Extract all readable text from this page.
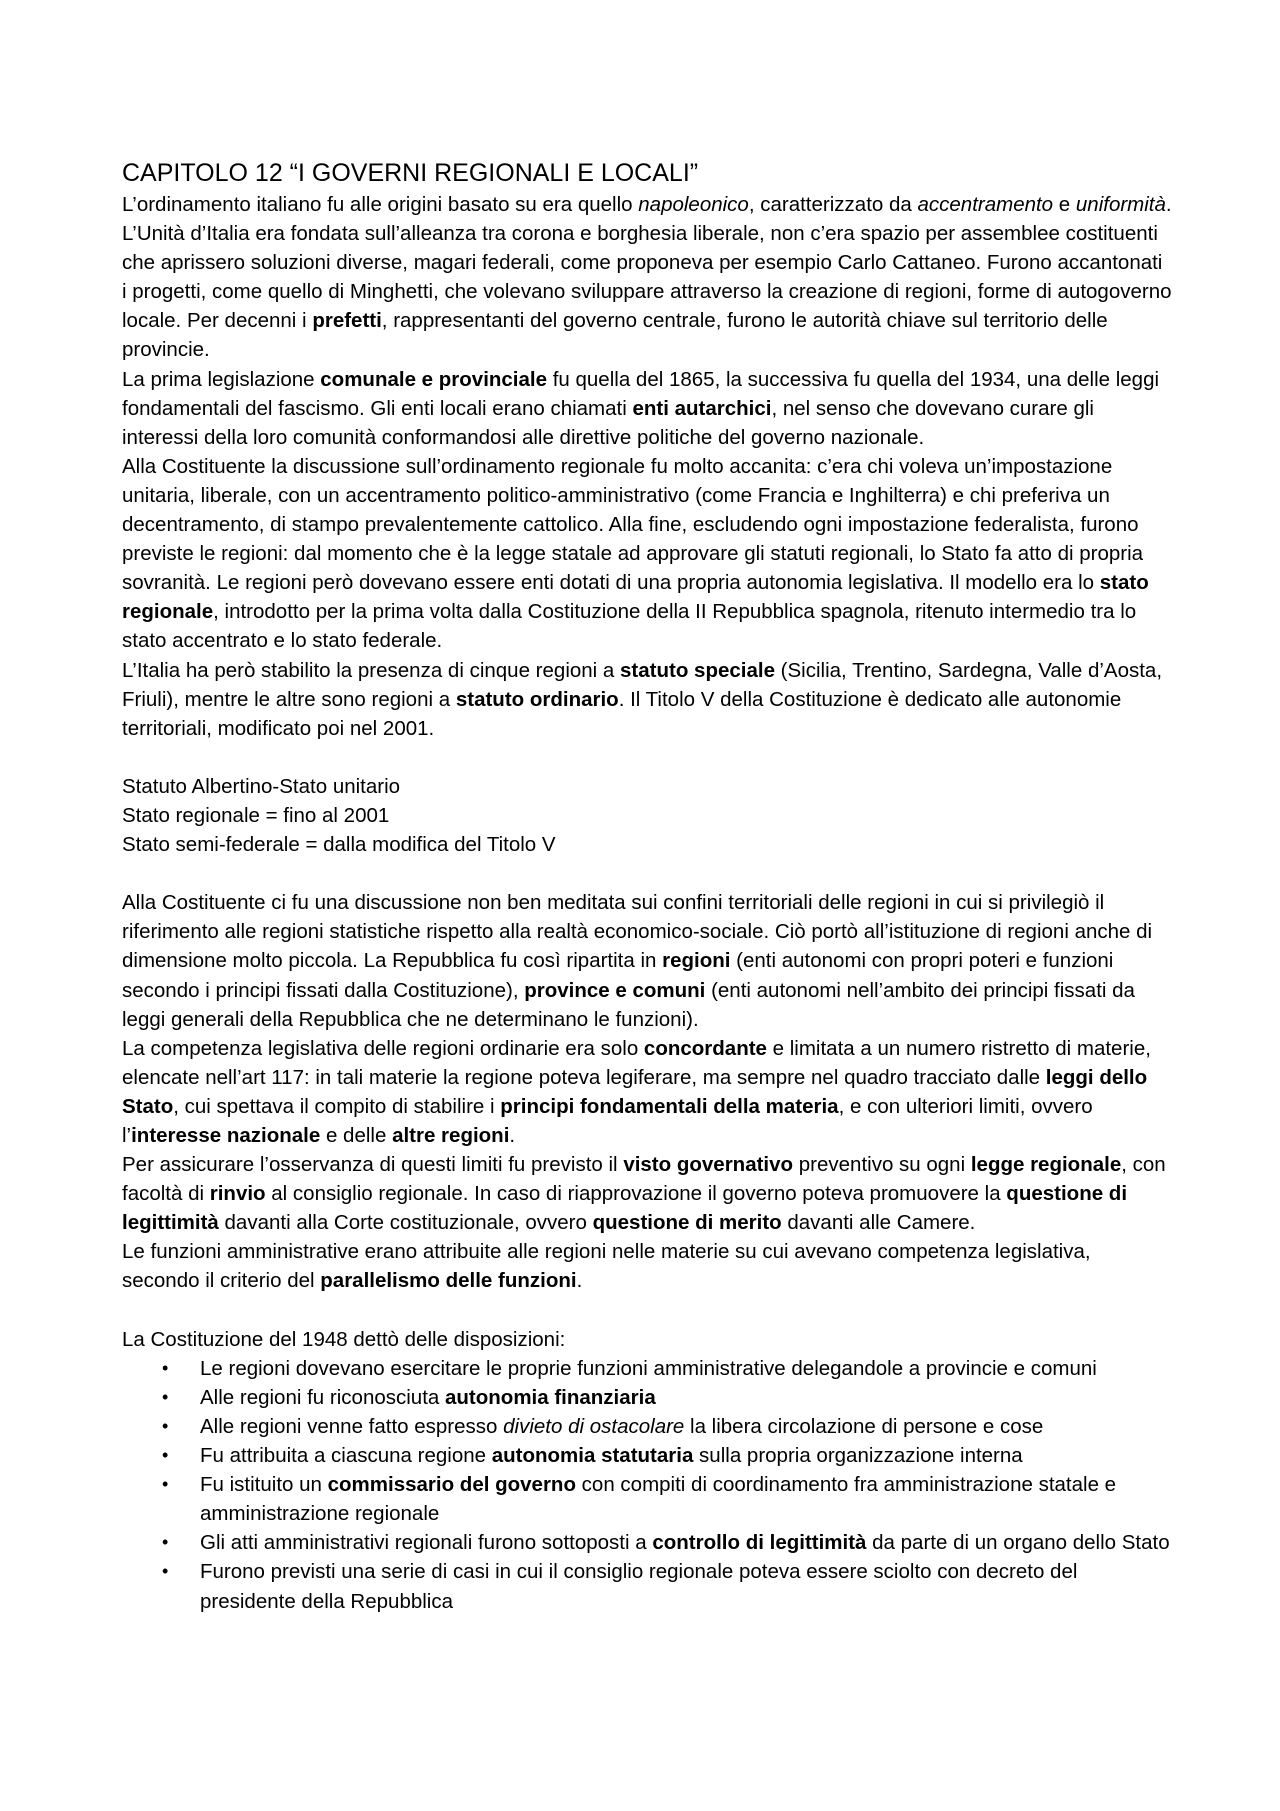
CAPITOLO 12 “I GOVERNI REGIONALI E LOCALI”

L’ordinamento italiano fu alle origini basato su era quello napoleonico, caratterizzato da accentramento e uniformità. L’Unità d’Italia era fondata sull’alleanza tra corona e borghesia liberale, non c’era spazio per assemblee costituenti che aprissero soluzioni diverse, magari federali, come proponeva per esempio Carlo Cattaneo. Furono accantonati i progetti, come quello di Minghetti, che volevano sviluppare attraverso la creazione di regioni, forme di autogoverno locale. Per decenni i prefetti, rappresentanti del governo centrale, furono le autorità chiave sul territorio delle provincie.

La prima legislazione comunale e provinciale fu quella del 1865, la successiva fu quella del 1934, una delle leggi fondamentali del fascismo. Gli enti locali erano chiamati enti autarchici, nel senso che dovevano curare gli interessi della loro comunità conformandosi alle direttive politiche del governo nazionale.

Alla Costituente la discussione sull’ordinamento regionale fu molto accanita: c’era chi voleva un’impostazione unitaria, liberale, con un accentramento politico-amministrativo (come Francia e Inghilterra) e chi preferiva un decentramento, di stampo prevalentemente cattolico. Alla fine, escludendo ogni impostazione federalista, furono previste le regioni: dal momento che è la legge statale ad approvare gli statuti regionali, lo Stato fa atto di propria sovranità. Le regioni però dovevano essere enti dotati di una propria autonomia legislativa. Il modello era lo stato regionale, introdotto per la prima volta dalla Costituzione della II Repubblica spagnola, ritenuto intermedio tra lo stato accentrato e lo stato federale.

L’Italia ha però stabilito la presenza di cinque regioni a statuto speciale (Sicilia, Trentino, Sardegna, Valle d’Aosta, Friuli), mentre le altre sono regioni a statuto ordinario. Il Titolo V della Costituzione è dedicato alle autonomie territoriali, modificato poi nel 2001.

Statuto Albertino-Stato unitario

Stato regionale = fino al 2001

Stato semi-federale = dalla modifica del Titolo V

Alla Costituente ci fu una discussione non ben meditata sui confini territoriali delle regioni in cui si privilegiò il riferimento alle regioni statistiche rispetto alla realtà economico-sociale. Ciò portò all’istituzione di regioni anche di dimensione molto piccola. La Repubblica fu così ripartita in regioni (enti autonomi con propri poteri e funzioni secondo i principi fissati dalla Costituzione), province e comuni (enti autonomi nell’ambito dei principi fissati da leggi generali della Repubblica che ne determinano le funzioni).

La competenza legislativa delle regioni ordinarie era solo concordante e limitata a un numero ristretto di materie, elencate nell’art 117: in tali materie la regione poteva legiferare, ma sempre nel quadro tracciato dalle leggi dello Stato, cui spettava il compito di stabilire i principi fondamentali della materia, e con ulteriori limiti, ovvero l’interesse nazionale e delle altre regioni.

Per assicurare l’osservanza di questi limiti fu previsto il visto governativo preventivo su ogni legge regionale, con facoltà di rinvio al consiglio regionale. In caso di riapprovazione il governo poteva promuovere la questione di legittimità davanti alla Corte costituzionale, ovvero questione di merito davanti alle Camere.

Le funzioni amministrative erano attribuite alle regioni nelle materie su cui avevano competenza legislativa, secondo il criterio del parallelismo delle funzioni.

La Costituzione del 1948 dettò delle disposizioni:

• Le regioni dovevano esercitare le proprie funzioni amministrative delegandole a provincie e comuni
• Alle regioni fu riconosciuta autonomia finanziaria
• Alle regioni venne fatto espresso divieto di ostacolare la libera circolazione di persone e cose
• Fu attribuita a ciascuna regione autonomia statutaria sulla propria organizzazione interna
• Fu istituito un commissario del governo con compiti di coordinamento fra amministrazione statale e amministrazione regionale
• Gli atti amministrativi regionali furono sottoposti a controllo di legittimità da parte di un organo dello Stato
• Furono previsti una serie di casi in cui il consiglio regionale poteva essere sciolto con decreto del presidente della Repubblica
